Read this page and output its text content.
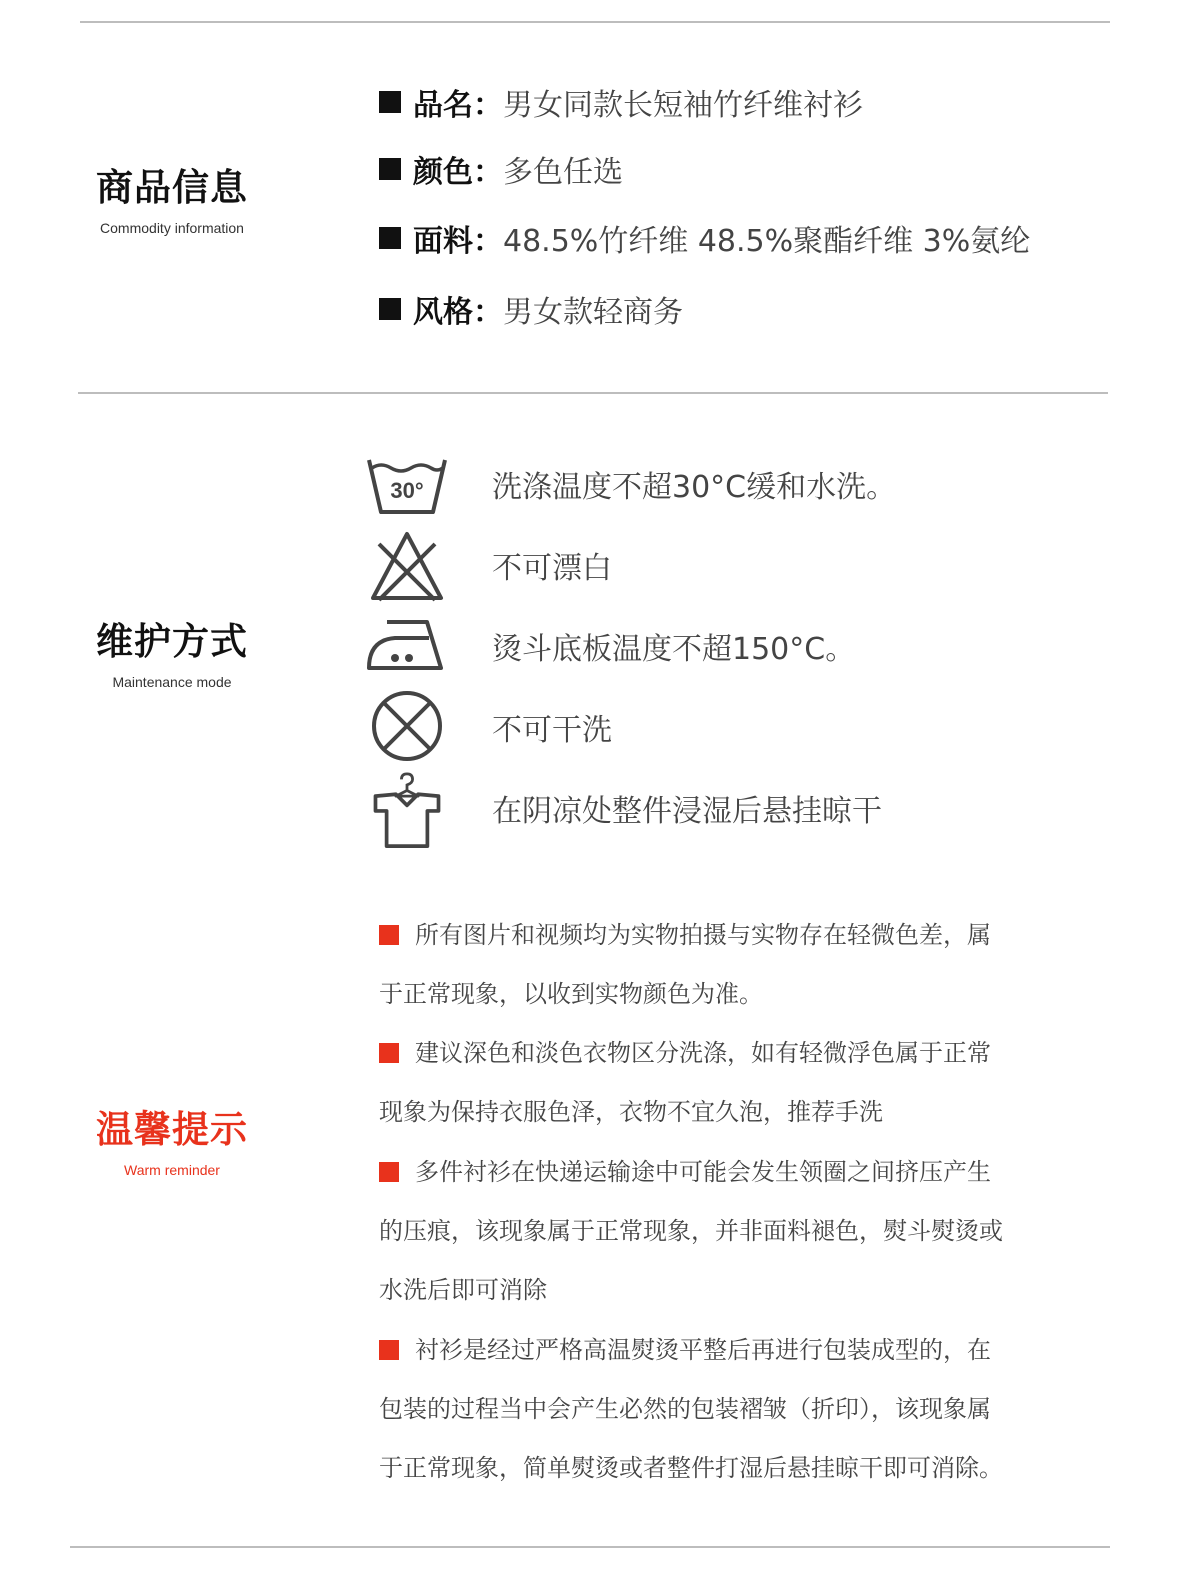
商品信息
Commodity information
品名： 男女同款长短袖竹纤维衬衫
颜色： 多色任选
面料： 48.5%竹纤维 48.5%聚酯纤维 3%氨纶
风格： 男女款轻商务
维护方式
Maintenance mode
30° 洗涤温度不超30°C缓和水洗。
不可漂白
烫斗底板温度不超150°C。
不可干洗
在阴凉处整件浸湿后悬挂晾干
温馨提示
Warm reminder
所有图片和视频均为实物拍摄与实物存在轻微色差，属
于正常现象，以收到实物颜色为准。
建议深色和淡色衣物区分洗涤，如有轻微浮色属于正常
现象为保持衣服色泽，衣物不宜久泡，推荐手洗
多件衬衫在快递运输途中可能会发生领圈之间挤压产生
的压痕，该现象属于正常现象，并非面料褪色，熨斗熨烫或
水洗后即可消除
衬衫是经过严格高温熨烫平整后再进行包装成型的，在
包装的过程当中会产生必然的包装褶皱（折印），该现象属
于正常现象，简单熨烫或者整件打湿后悬挂晾干即可消除。
